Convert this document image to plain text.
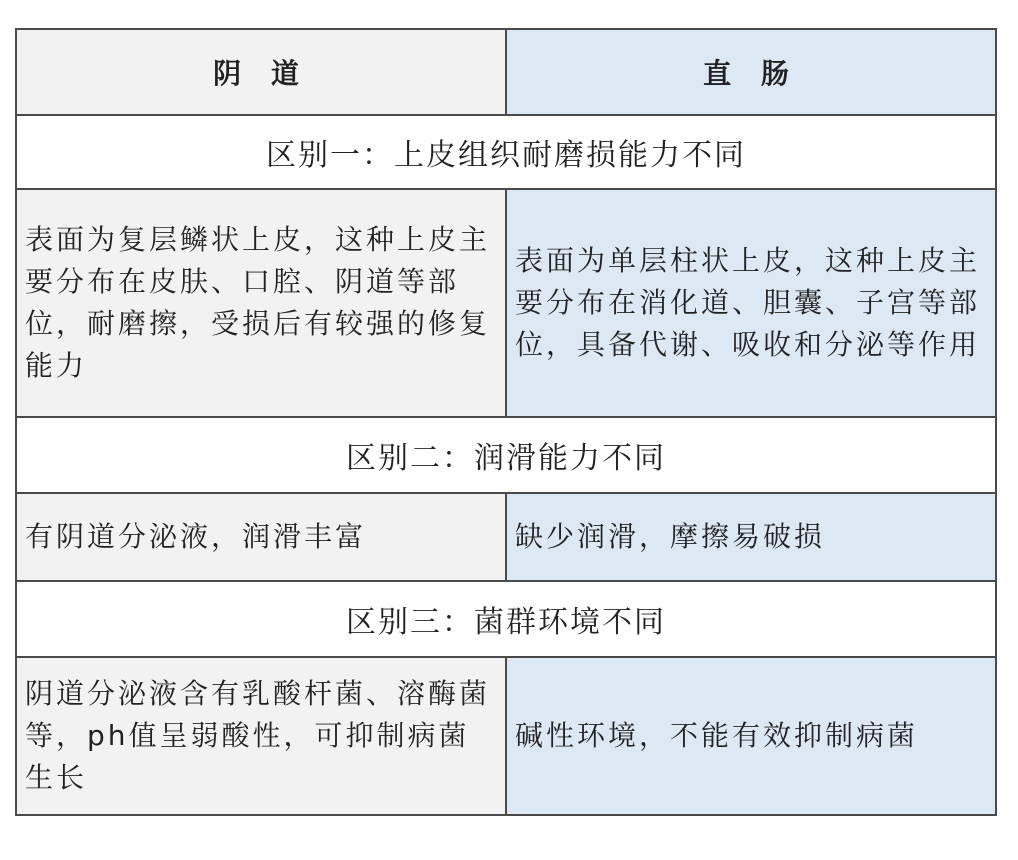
阴 道	直 肠
区别一：上皮组织耐磨损能力不同
表面为复层鳞状上皮，这种上皮主要分布在皮肤、口腔、阴道等部位，耐磨擦，受损后有较强的修复能力
表面为单层柱状上皮，这种上皮主要分布在消化道、胆囊、子宫等部位，具备代谢、吸收和分泌等作用
区别二：润滑能力不同
有阴道分泌液，润滑丰富	缺少润滑，摩擦易破损
区别三：菌群环境不同
阴道分泌液含有乳酸杆菌、溶酶菌等，ph值呈弱酸性，可抑制病菌生长
碱性环境，不能有效抑制病菌
